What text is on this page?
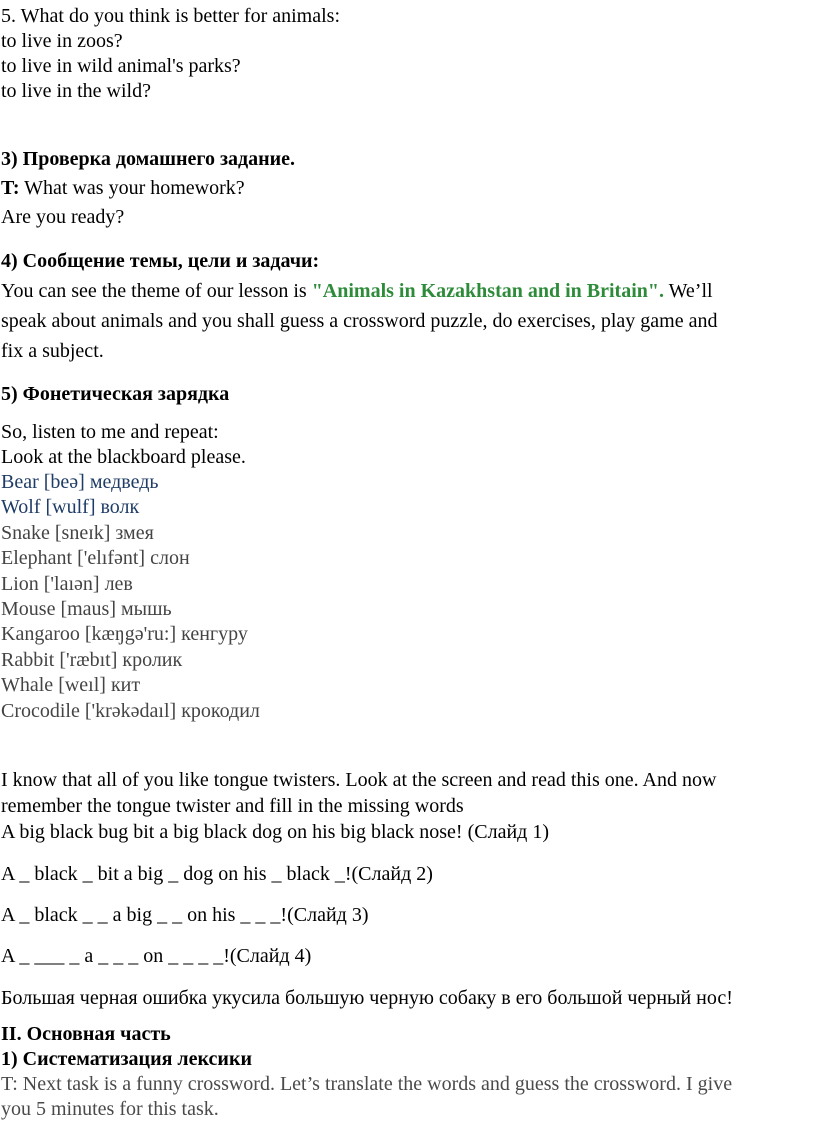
5. What do you think is better for animals:
to live in zoos?
to live in wild animal's parks?
to live in the wild?
3) Проверка домашнего задание.
T: What was your homework?
Are you ready?
4) Сообщение темы, цели и задачи:
You can see the theme of our lesson is "Animals in Kazakhstan and in Britain". We’ll
speak about animals and you shall guess a crossword puzzle, do exercises, play game and
fix a subject.
5) Фонетическая зарядка
So, listen to me and repeat:
Look at the blackboard please.
Bear [beə] медведь
Wolf [wulf] волк
Snake [sneɪk] змея
Elephant ['elıfənt] слон
Lion ['laıən] лев
Mouse [maus] мышь
Kangaroo [kæŋgə'ru:] кенгуру
Rabbit ['ræbıt] кролик
Whale [weıl] кит
Crocodile ['krəkədaıl] крокодил
I know that all of you like tongue twisters. Look at the screen and read this one. And now
remember the tongue twister and fill in the missing words
A big black bug bit a big black dog on his big black nose! (Слайд 1)
A _ black _ bit a big _ dog on his _ black _!(Слайд 2)
A _ black _ _ a big _ _ on his _ _ _!(Слайд 3)
A _ ___ _ a _ _ _ on _ _ _ _!(Слайд 4)
Большая черная ошибка укусила большую черную собаку в его большой черный нос!
II. Основная часть
1) Систематизация лексики
T: Next task is a funny crossword. Let’s translate the words and guess the crossword. I give
you 5 minutes for this task.
